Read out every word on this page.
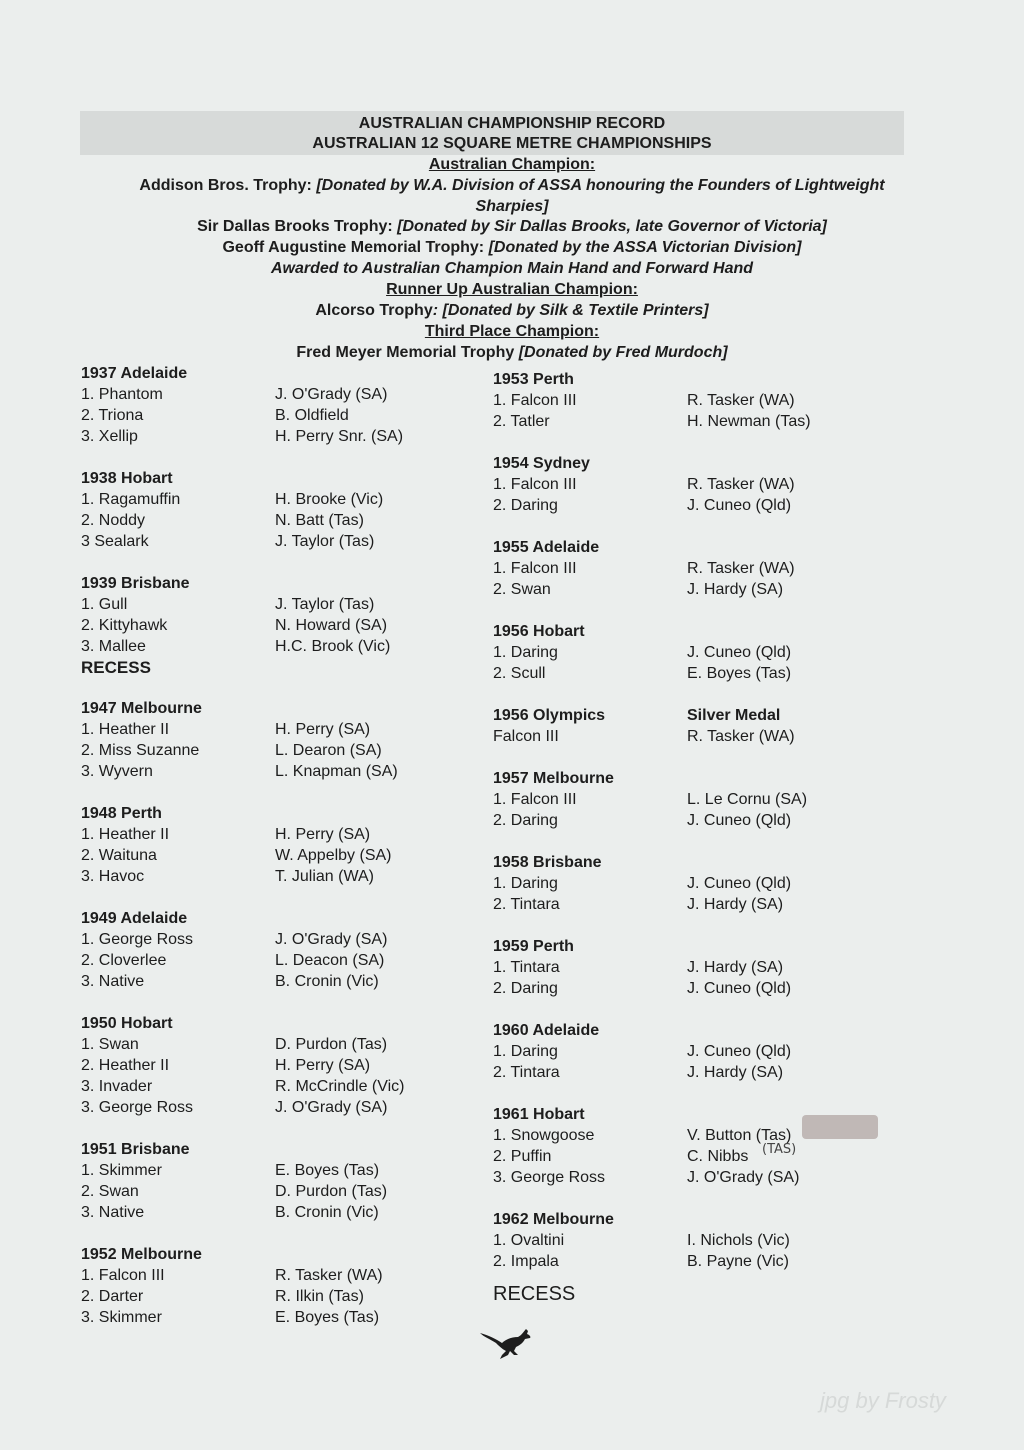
AUSTRALIAN CHAMPIONSHIP RECORD
AUSTRALIAN 12 SQUARE METRE CHAMPIONSHIPS
Australian Champion:
Addison Bros. Trophy: [Donated by W.A. Division of ASSA honouring the Founders of Lightweight
Sharpies]
Sir Dallas Brooks Trophy: [Donated by Sir Dallas Brooks, late Governor of Victoria]
Geoff Augustine Memorial Trophy: [Donated by the ASSA Victorian Division]
Awarded to Australian Champion Main Hand and Forward Hand
Runner Up Australian Champion:
Alcorso Trophy: [Donated by Silk & Textile Printers]
Third Place Champion:
Fred Meyer Memorial Trophy [Donated by Fred Murdoch]
1937 Adelaide
1. Phantom	J. O'Grady (SA)
2. Triona	B. Oldfield
3. Xellip	H. Perry Snr. (SA)
1938 Hobart
1. Ragamuffin	H. Brooke (Vic)
2. Noddy	N. Batt (Tas)
3 Sealark	J. Taylor (Tas)
1939 Brisbane
1. Gull	J. Taylor (Tas)
2. Kittyhawk	N. Howard (SA)
3. Mallee	H.C. Brook (Vic)
RECESS
1947 Melbourne
1. Heather II	H. Perry (SA)
2. Miss Suzanne	L. Dearon (SA)
3. Wyvern	L. Knapman (SA)
1948 Perth
1. Heather II	H. Perry (SA)
2. Waituna	W. Appelby (SA)
3. Havoc	T. Julian (WA)
1949 Adelaide
1. George Ross	J. O'Grady (SA)
2. Cloverlee	L. Deacon (SA)
3. Native	B. Cronin (Vic)
1950 Hobart
1. Swan	D. Purdon (Tas)
2. Heather II	H. Perry (SA)
3. Invader	R. McCrindle (Vic)
3. George Ross	J. O'Grady (SA)
1951 Brisbane
1. Skimmer	E. Boyes (Tas)
2. Swan	D. Purdon (Tas)
3. Native	B. Cronin (Vic)
1952 Melbourne
1. Falcon III	R. Tasker (WA)
2. Darter	R. Ilkin (Tas)
3. Skimmer	E. Boyes (Tas)
1953 Perth
1. Falcon III	R. Tasker (WA)
2. Tatler	H. Newman (Tas)
1954 Sydney
1. Falcon III	R. Tasker (WA)
2. Daring	J. Cuneo (Qld)
1955 Adelaide
1. Falcon III	R. Tasker (WA)
2. Swan	J. Hardy (SA)
1956 Hobart
1. Daring	J. Cuneo (Qld)
2. Scull	E. Boyes (Tas)
1956 Olympics	Silver Medal
Falcon III	R. Tasker (WA)
1957 Melbourne
1. Falcon III	L. Le Cornu (SA)
2. Daring	J. Cuneo (Qld)
1958 Brisbane
1. Daring	J. Cuneo (Qld)
2. Tintara	J. Hardy (SA)
1959 Perth
1. Tintara	J. Hardy (SA)
2. Daring	J. Cuneo (Qld)
1960 Adelaide
1. Daring	J. Cuneo (Qld)
2. Tintara	J. Hardy (SA)
1961 Hobart
1. Snowgoose	V. Button (Tas)
2. Puffin	C. Nibbs
3. George Ross	J. O'Grady (SA)
1962 Melbourne
1. Ovaltini	I. Nichols (Vic)
2. Impala	B. Payne (Vic)
RECESS
(TAS)
jpg by Frosty
